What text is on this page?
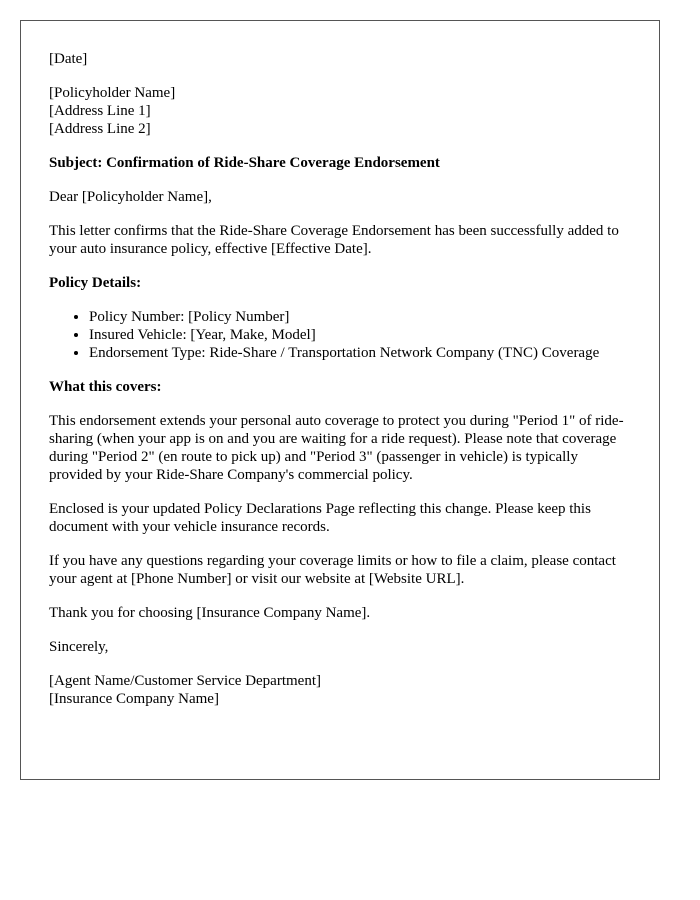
[Date]

[Policyholder Name]
[Address Line 1]
[Address Line 2]

Subject: Confirmation of Ride-Share Coverage Endorsement

Dear [Policyholder Name],

This letter confirms that the Ride-Share Coverage Endorsement has been successfully added to your auto insurance policy, effective [Effective Date].

Policy Details:

• Policy Number: [Policy Number]
• Insured Vehicle: [Year, Make, Model]
• Endorsement Type: Ride-Share / Transportation Network Company (TNC) Coverage

What this covers:

This endorsement extends your personal auto coverage to protect you during "Period 1" of ride-sharing (when your app is on and you are waiting for a ride request). Please note that coverage during "Period 2" (en route to pick up) and "Period 3" (passenger in vehicle) is typically provided by your Ride-Share Company's commercial policy.

Enclosed is your updated Policy Declarations Page reflecting this change. Please keep this document with your vehicle insurance records.

If you have any questions regarding your coverage limits or how to file a claim, please contact your agent at [Phone Number] or visit our website at [Website URL].

Thank you for choosing [Insurance Company Name].

Sincerely,

[Agent Name/Customer Service Department]
[Insurance Company Name]
